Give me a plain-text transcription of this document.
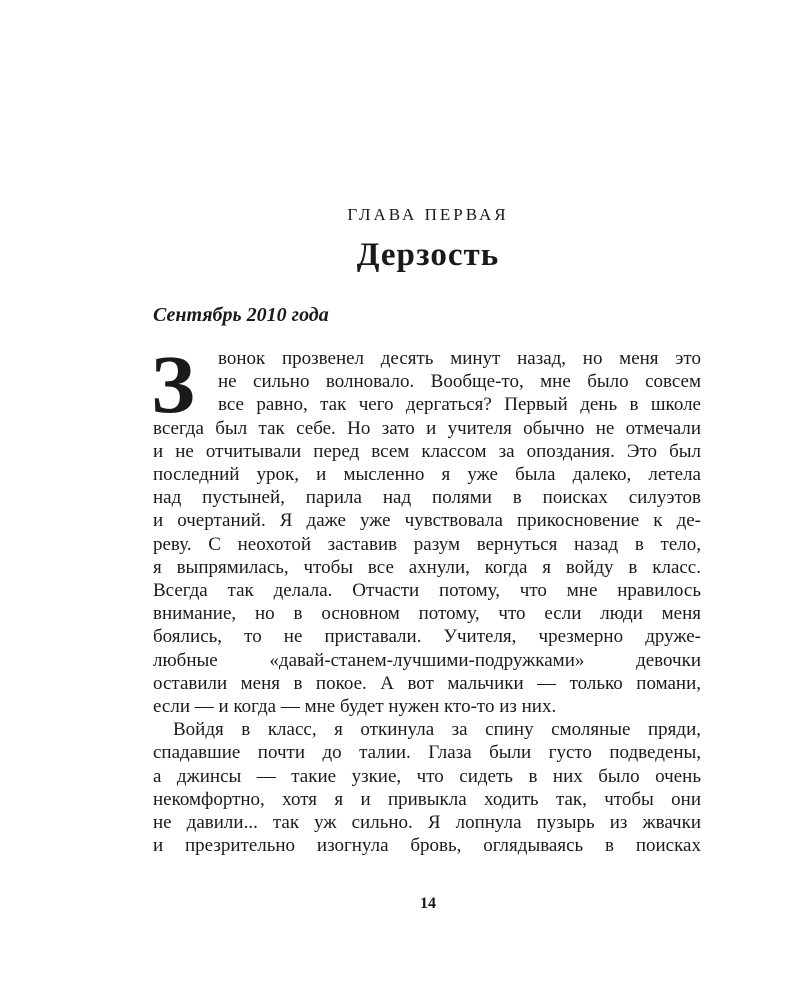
ГЛАВА ПЕРВАЯ
Дерзость
Сентябрь 2010 года
З	вонок прозвенел десять минут назад, но меня это
не сильно волновало. Вообще-то, мне было совсем
все равно, так чего дергаться? Первый день в школе
всегда был так себе. Но зато и учителя обычно не отмечали
и не отчитывали перед всем классом за опоздания. Это был
последний урок, и мысленно я уже была далеко, летела
над пустыней, парила над полями в поисках силуэтов
и очертаний. Я даже уже чувствовала прикосновение к де-
реву. С неохотой заставив разум вернуться назад в тело,
я выпрямилась, чтобы все ахнули, когда я войду в класс.
Всегда так делала. Отчасти потому, что мне нравилось
внимание, но в основном потому, что если люди меня
боялись, то не приставали. Учителя, чрезмерно друже-
любные «давай-станем-лучшими-подружками» девочки
оставили меня в покое. А вот мальчики — только помани,
если — и когда — мне будет нужен кто-то из них.
Войдя в класс, я откинула за спину смоляные пряди,
спадавшие почти до талии. Глаза были густо подведены,
а джинсы — такие узкие, что сидеть в них было очень
некомфортно, хотя я и привыкла ходить так, чтобы они
не давили... так уж сильно. Я лопнула пузырь из жвачки
и презрительно изогнула бровь, оглядываясь в поисках
14
